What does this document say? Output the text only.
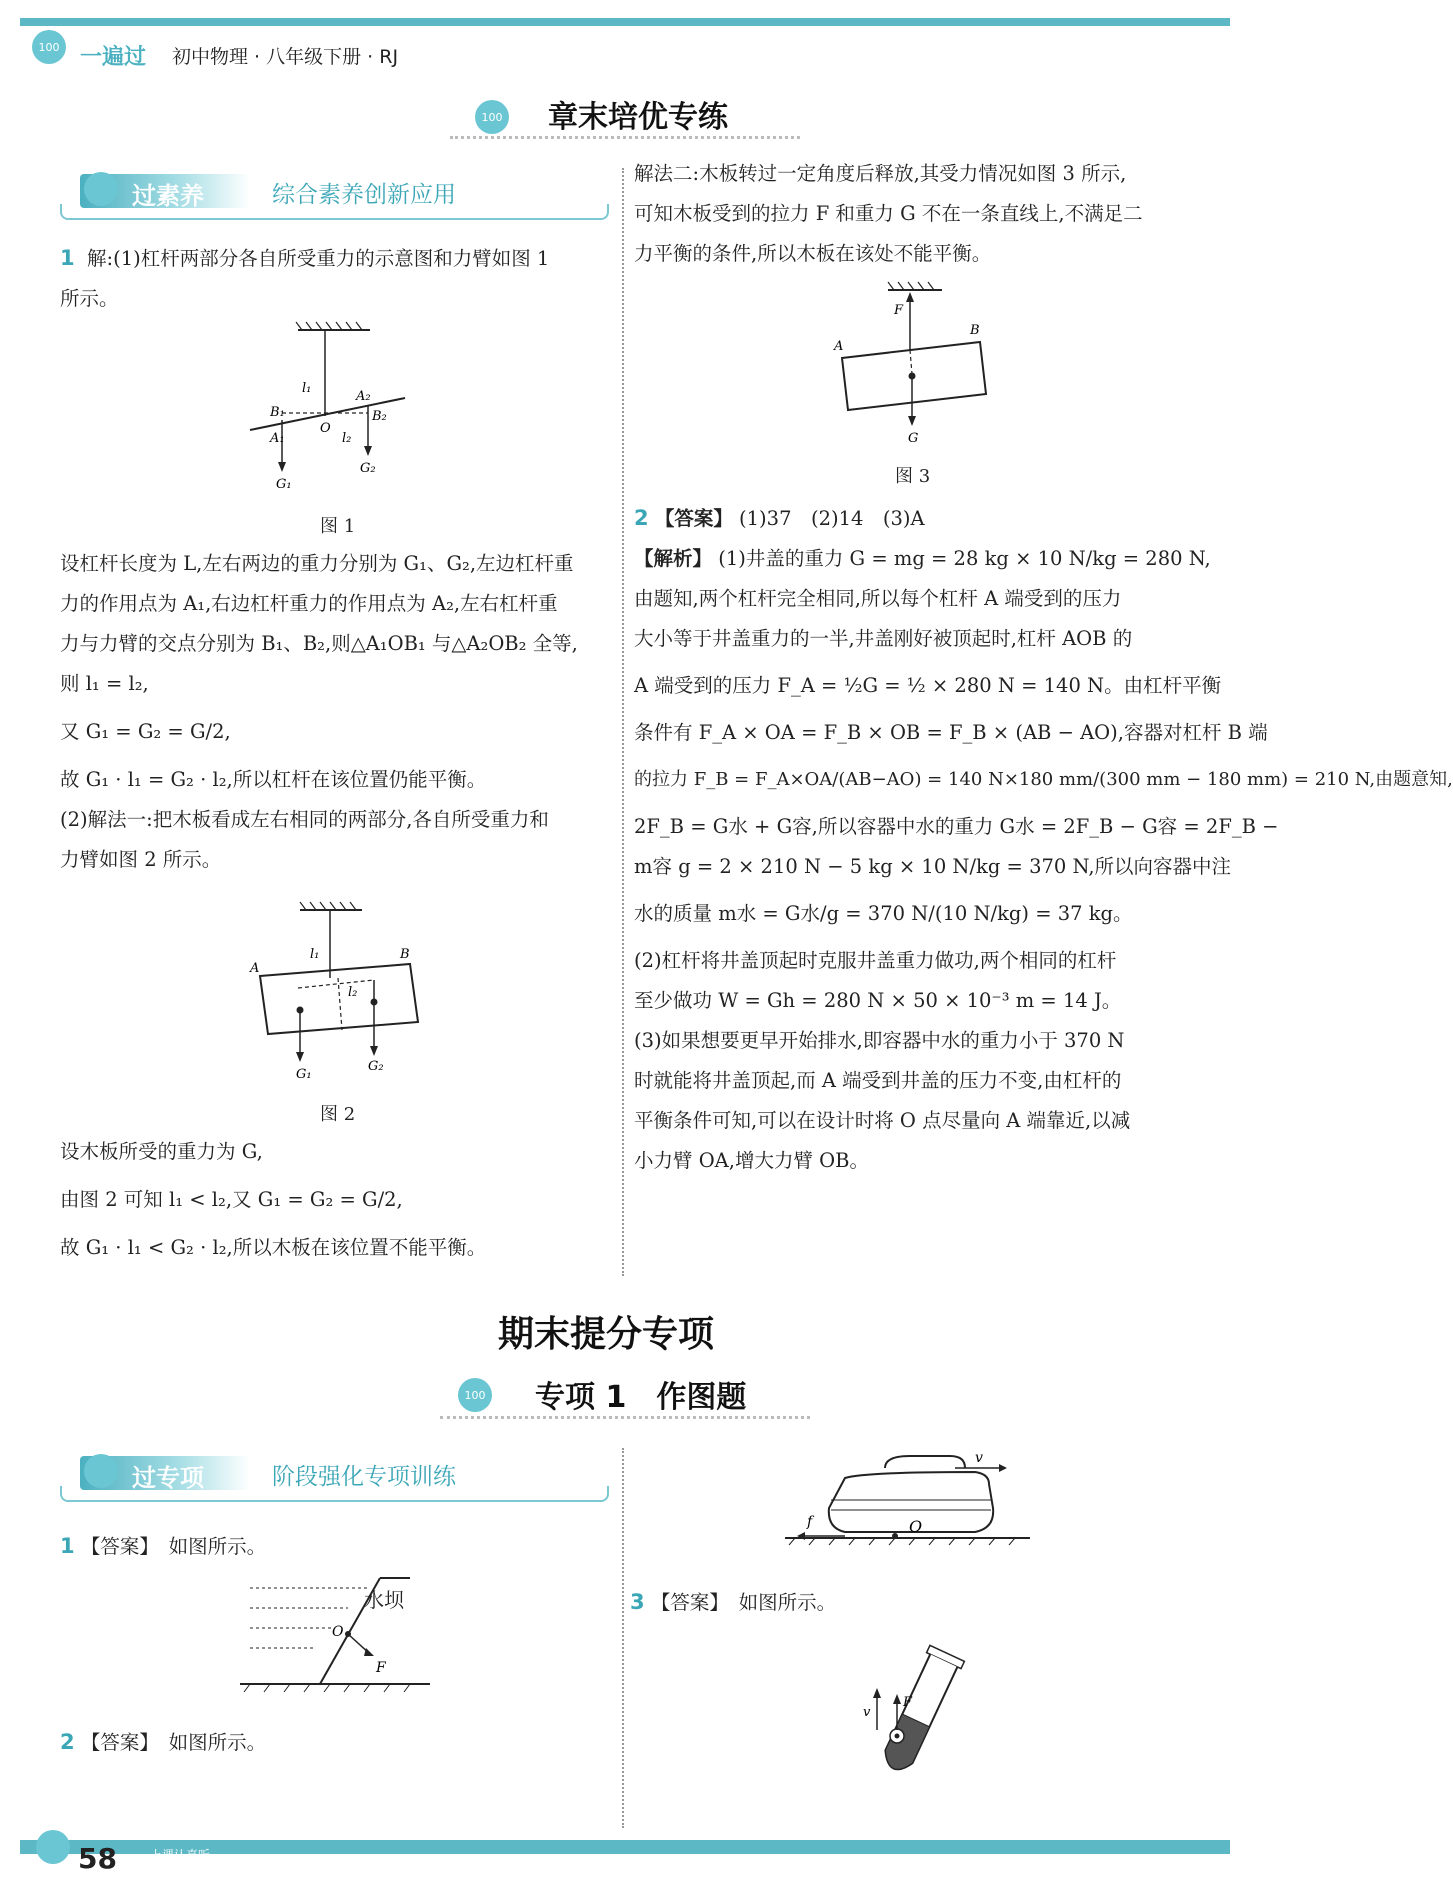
100 一遍过 初中物理 · 八年级下册 · RJ
100 章末培优专练
过素养	综合素养创新应用
1 解:(1)杠杆两部分各自所受重力的示意图和力臂如图 1
所示。
B₁
A₁
G₁
O
l₁
l₂
A₂
B₂
G₂
图 1
设杠杆长度为 L,左右两边的重力分别为 G₁、G₂,左边杠杆重
力的作用点为 A₁,右边杠杆重力的作用点为 A₂,左右杠杆重
力与力臂的交点分别为 B₁、B₂,则△A₁OB₁ 与△A₂OB₂ 全等,
则 l₁ = l₂,
又 G₁ = G₂ = G/2,
故 G₁ · l₁ = G₂ · l₂,所以杠杆在该位置仍能平衡。
(2)解法一:把木板看成左右相同的两部分,各自所受重力和
力臂如图 2 所示。
A
B
l₁
l₂
G₁
G₂
图 2
设木板所受的重力为 G,
由图 2 可知 l₁ < l₂,又 G₁ = G₂ = G/2,
故 G₁ · l₁ < G₂ · l₂,所以木板在该位置不能平衡。
解法二:木板转过一定角度后释放,其受力情况如图 3 所示,
可知木板受到的拉力 F 和重力 G 不在一条直线上,不满足二
力平衡的条件,所以木板在该处不能平衡。
F
A
B
G
图 3
2 【答案】 (1)37　(2)14　(3)A
【解析】 (1)井盖的重力 G = mg = 28 kg × 10 N/kg = 280 N,
由题知,两个杠杆完全相同,所以每个杠杆 A 端受到的压力
大小等于井盖重力的一半,井盖刚好被顶起时,杠杆 AOB 的
A 端受到的压力 F_A = ½G = ½ × 280 N = 140 N。由杠杆平衡
条件有 F_A × OA = F_B × OB = F_B × (AB − AO),容器对杠杆 B 端
的拉力 F_B = F_A×OA/(AB−AO) = 140 N×180 mm/(300 mm − 180 mm) = 210 N,由题意知,
2F_B = G水 + G容,所以容器中水的重力 G水 = 2F_B − G容 = 2F_B −
m容 g = 2 × 210 N − 5 kg × 10 N/kg = 370 N,所以向容器中注
水的质量 m水 = G水/g = 370 N/(10 N/kg) = 37 kg。
(2)杠杆将井盖顶起时克服井盖重力做功,两个相同的杠杆
至少做功 W = Gh = 280 N × 50 × 10⁻³ m = 14 J。
(3)如果想要更早开始排水,即容器中水的重力小于 370 N
时就能将井盖顶起,而 A 端受到井盖的压力不变,由杠杆的
平衡条件可知,可以在设计时将 O 点尽量向 A 端靠近,以减
小力臂 OA,增大力臂 OB。
期末提分专项
100 专项 1　作图题
过专项	阶段强化专项训练
1 【答案】　如图所示。
O
F
水坝
2 【答案】　如图所示。
v
f	O
3 【答案】　如图所示。
v
F
58	上课认真听
